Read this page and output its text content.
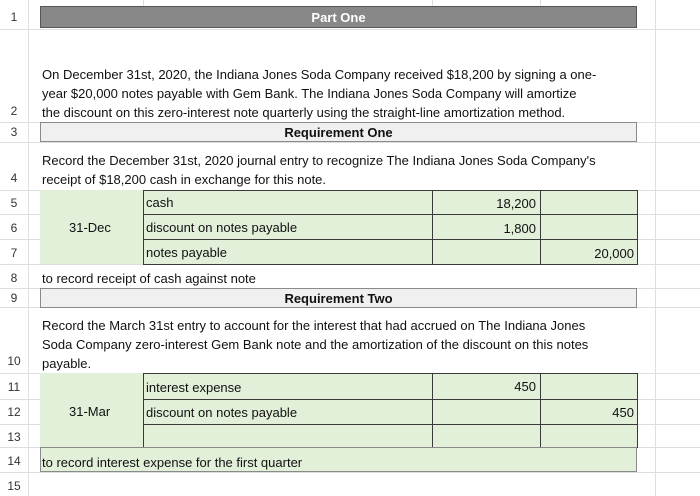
1
2
3
4
5
6
7
8
9
10
11
12
13
14
15
Part One
On December 31st, 2020, the Indiana Jones Soda Company received $18,200 by signing a one-
year $20,000 notes payable with Gem Bank. The Indiana Jones Soda Company will amortize
the discount on this zero-interest note quarterly using the straight-line amortization method.
Requirement One
Record the December 31st, 2020 journal entry to recognize The Indiana Jones Soda Company's
receipt of $18,200 cash in exchange for this note.
31-Dec
cash
discount on notes payable
notes payable
18,200
1,800
20,000
to record receipt of cash against note
Requirement Two
Record the March 31st entry to account for the interest that had accrued on The Indiana Jones
Soda Company zero-interest Gem Bank note and the amortization of the discount on this notes
payable.
31-Mar
interest expense
discount on notes payable
450
450
to record interest expense for the first quarter
